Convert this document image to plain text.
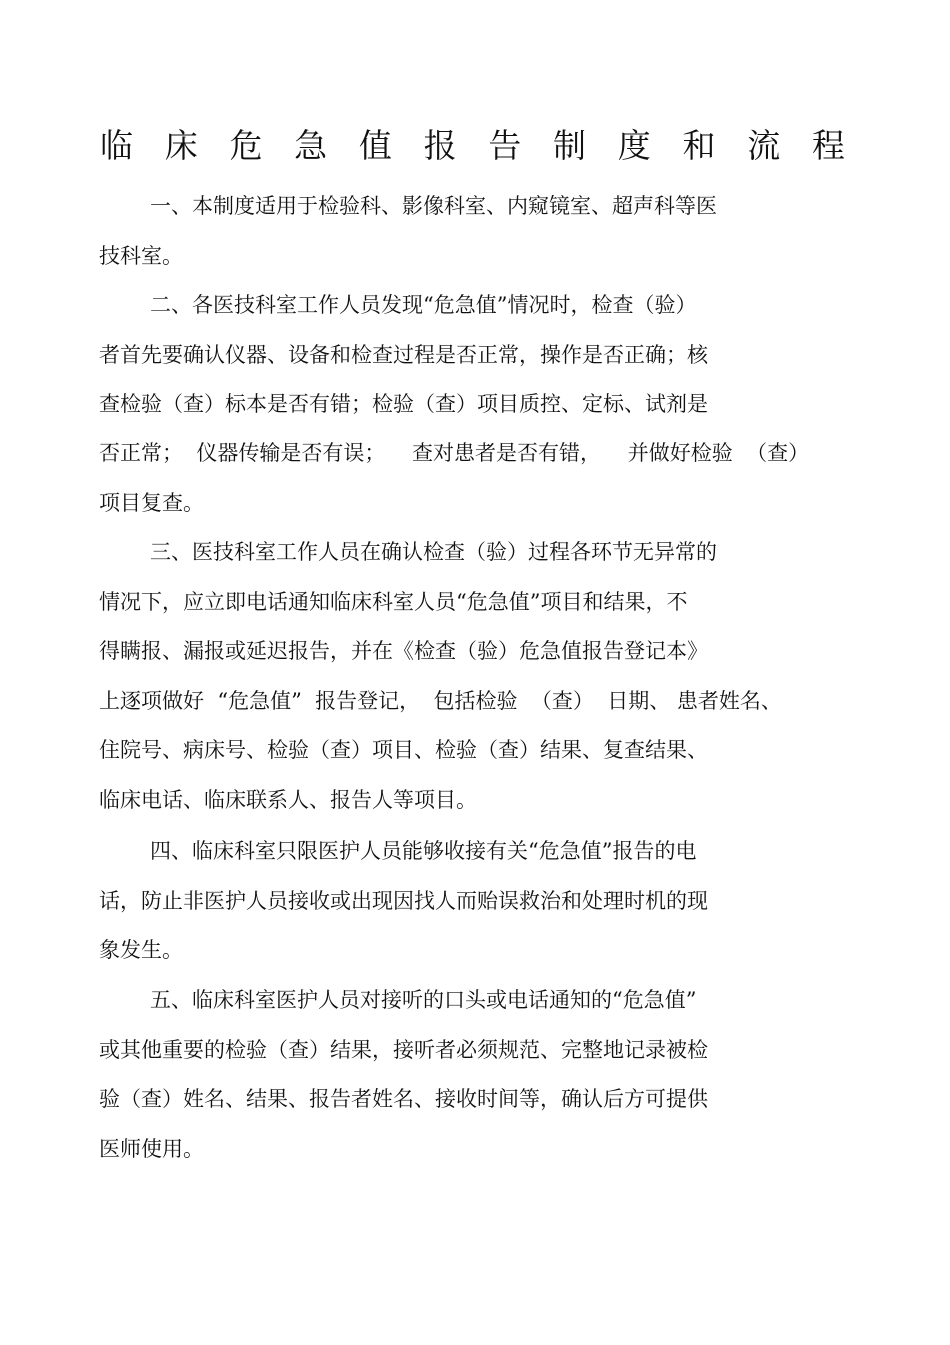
临 床 危 急 值 报 告 制 度 和 流 程

一、本制度适用于检验科、影像科室、内窥镜室、超声科等医

技科室。

二、各医技科室工作人员发现“危急值”情况时，检查（验）

者首先要确认仪器、设备和检查过程是否正常，操作是否正确；核

查检验（查）标本是否有错；检验（查）项目质控、定标、试剂是

否正常；  仪器传输是否有误；    查对患者是否有错，    并做好检验  （查）

项目复查。

三、医技科室工作人员在确认检查（验）过程各环节无异常的

情况下，应立即电话通知临床科室人员“危急值”项目和结果，不

得瞒报、漏报或延迟报告，并在《检查（验）危急值报告登记本》

上逐项做好  “危急值”  报告登记，  包括检验  （查）  日期、 患者姓名、

住院号、病床号、检验（查）项目、检验（查）结果、复查结果、

临床电话、临床联系人、报告人等项目。

四、临床科室只限医护人员能够收接有关“危急值”报告的电

话，防止非医护人员接收或出现因找人而贻误救治和处理时机的现

象发生。

五、临床科室医护人员对接听的口头或电话通知的“危急值”

或其他重要的检验（查）结果，接听者必须规范、完整地记录被检

验（查）姓名、结果、报告者姓名、接收时间等，确认后方可提供

医师使用。
